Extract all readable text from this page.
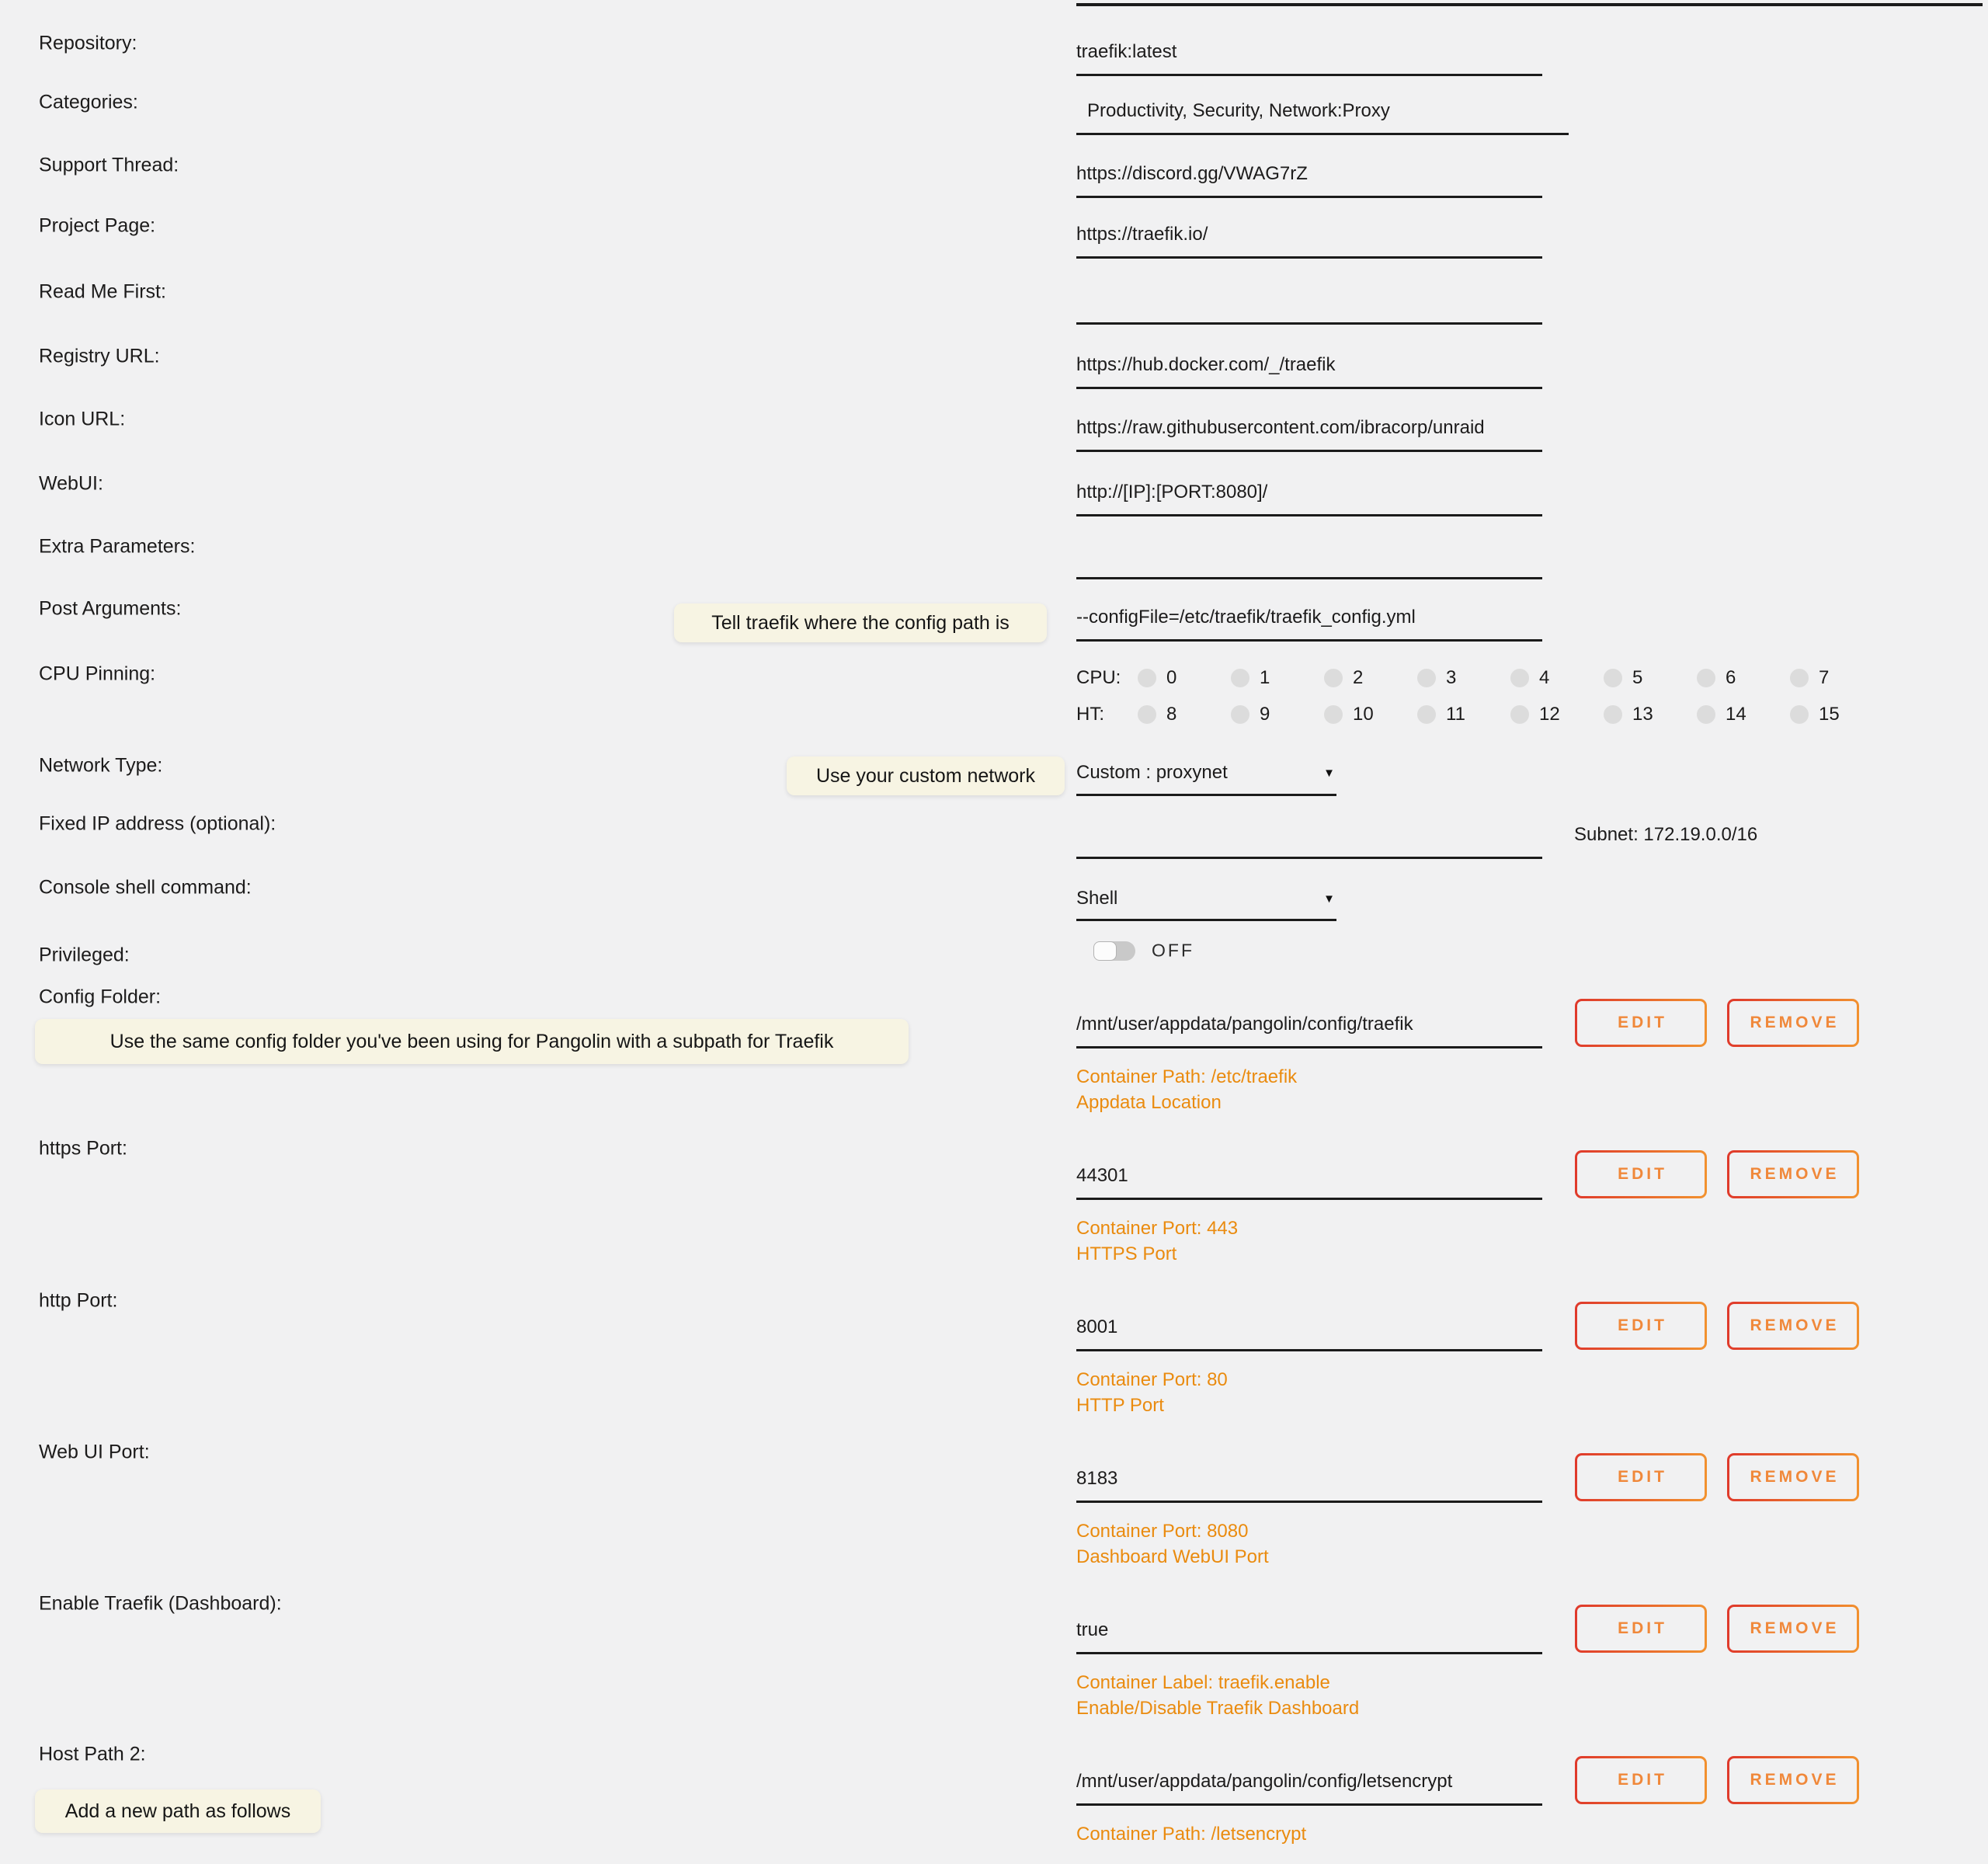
Repository:
traefik:latest
Categories:
Productivity, Security, Network:Proxy
Support Thread:
https://discord.gg/VWAG7rZ
Project Page:
https://traefik.io/
Read Me First:
Registry URL:
https://hub.docker.com/_/traefik
Icon URL:
https://raw.githubusercontent.com/ibracorp/unraid
WebUI:
http://[IP]:[PORT:8080]/
Extra Parameters:
Post Arguments:
Tell traefik where the config path is
--configFile=/etc/traefik/traefik_config.yml
CPU Pinning:	CPU:	0	1	2	3	4	5	6	7
HT:	8	9	10	11	12	13	14	15
Network Type:	Use your custom network	Custom : proxynet	▼
Fixed IP address (optional):	Subnet: 172.19.0.0/16
Console shell command:	Shell	▼
Privileged:	OFF
Config Folder:
Use the same config folder you've been using for Pangolin with a subpath for Traefik
/mnt/user/appdata/pangolin/config/traefik
EDIT	REMOVE
Container Path: /etc/traefik
Appdata Location
https Port:
44301
EDIT	REMOVE
Container Port: 443
HTTPS Port
http Port:
8001
EDIT	REMOVE
Container Port: 80
HTTP Port
Web UI Port:
8183
EDIT	REMOVE
Container Port: 8080
Dashboard WebUI Port
Enable Traefik (Dashboard):
true
EDIT	REMOVE
Container Label: traefik.enable
Enable/Disable Traefik Dashboard
Host Path 2:
Add a new path as follows
/mnt/user/appdata/pangolin/config/letsencrypt
EDIT	REMOVE
Container Path: /letsencrypt
